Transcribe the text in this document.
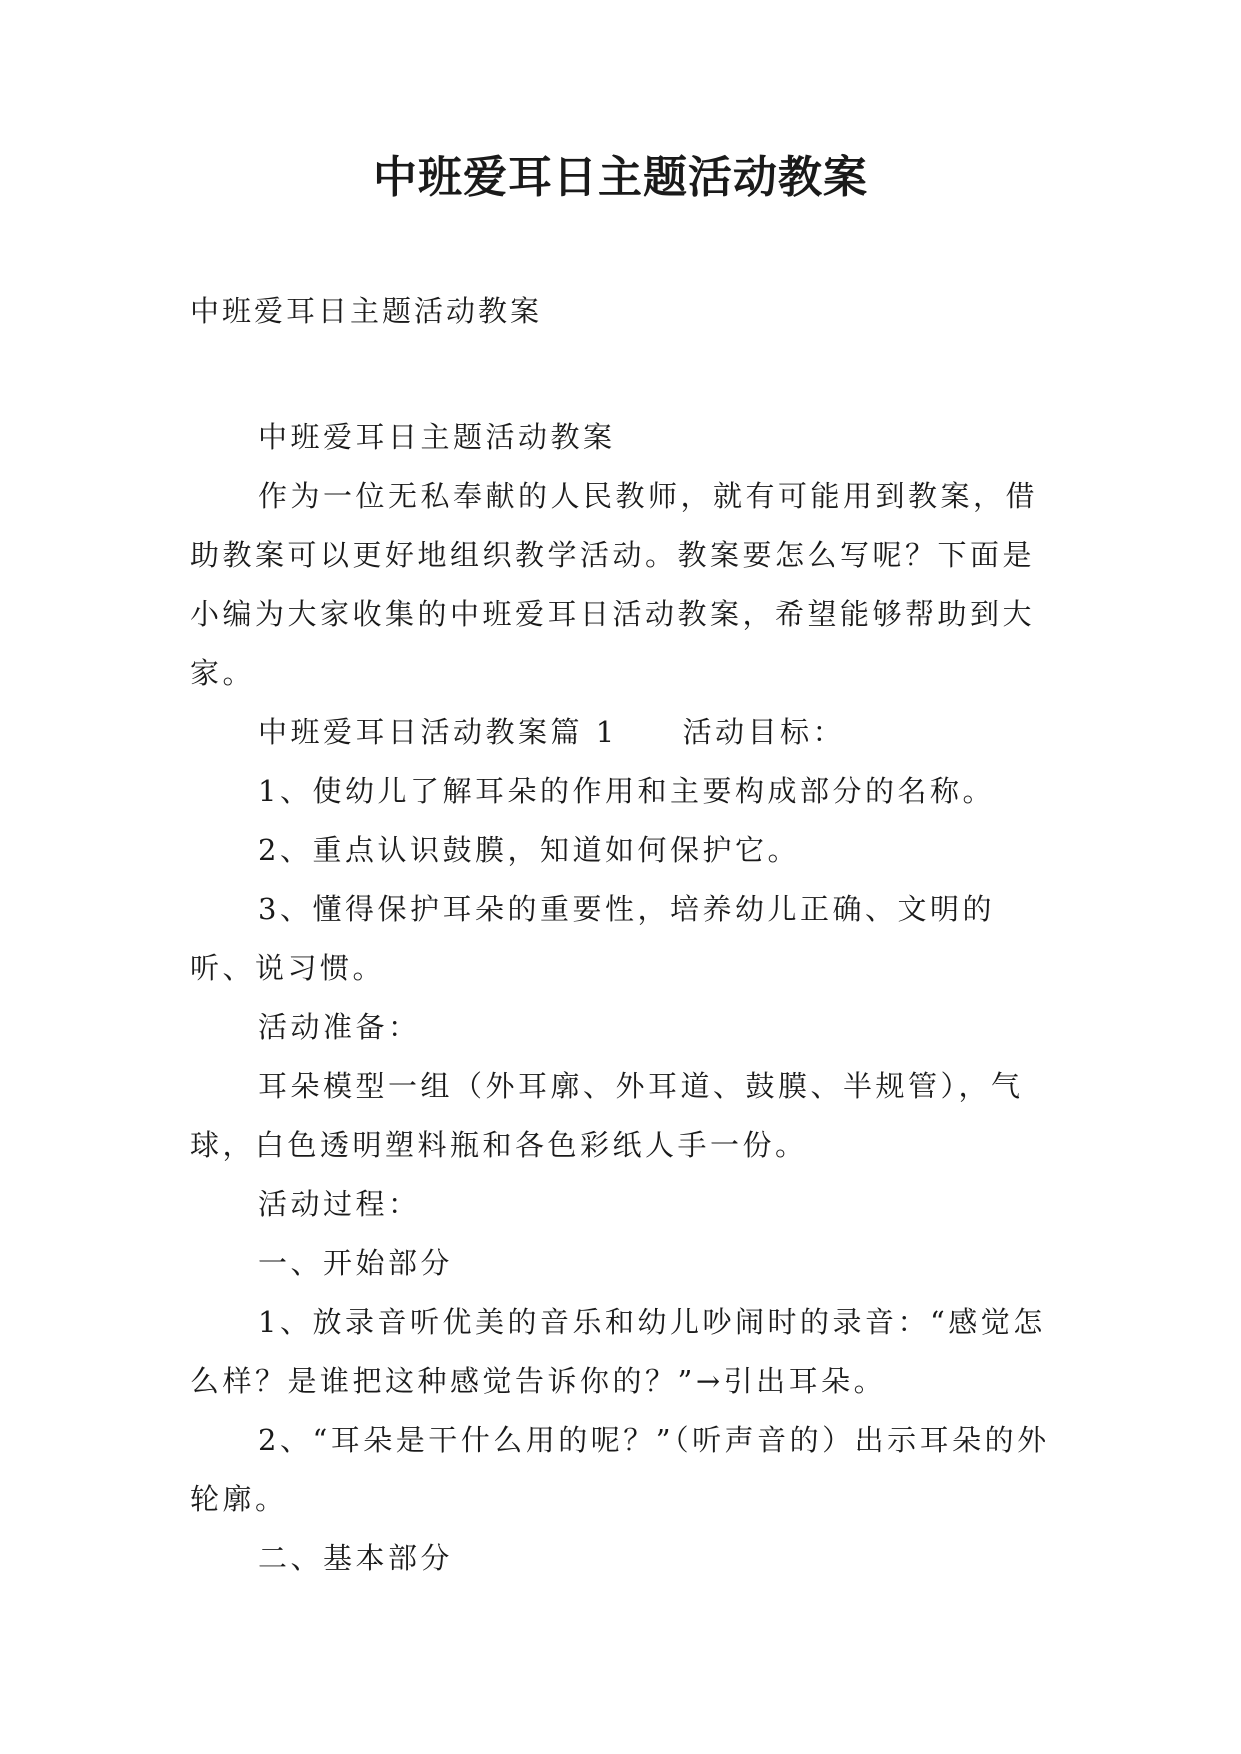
中班爱耳日主题活动教案

中班爱耳日主题活动教案

中班爱耳日主题活动教案

作为一位无私奉献的人民教师，就有可能用到教案，借助教案可以更好地组织教学活动。教案要怎么写呢？下面是小编为大家收集的中班爱耳日活动教案，希望能够帮助到大家。

中班爱耳日活动教案篇 1　　活动目标：

1、使幼儿了解耳朵的作用和主要构成部分的名称。

2、重点认识鼓膜，知道如何保护它。

3、懂得保护耳朵的重要性，培养幼儿正确、文明的听、说习惯。

活动准备：

耳朵模型一组（外耳廓、外耳道、鼓膜、半规管），气球，白色透明塑料瓶和各色彩纸人手一份。

活动过程：

一、开始部分

1、放录音听优美的音乐和幼儿吵闹时的录音：“感觉怎么样？是谁把这种感觉告诉你的？”→引出耳朵。

2、“耳朵是干什么用的呢？”（听声音的）出示耳朵的外轮廓。

二、基本部分
